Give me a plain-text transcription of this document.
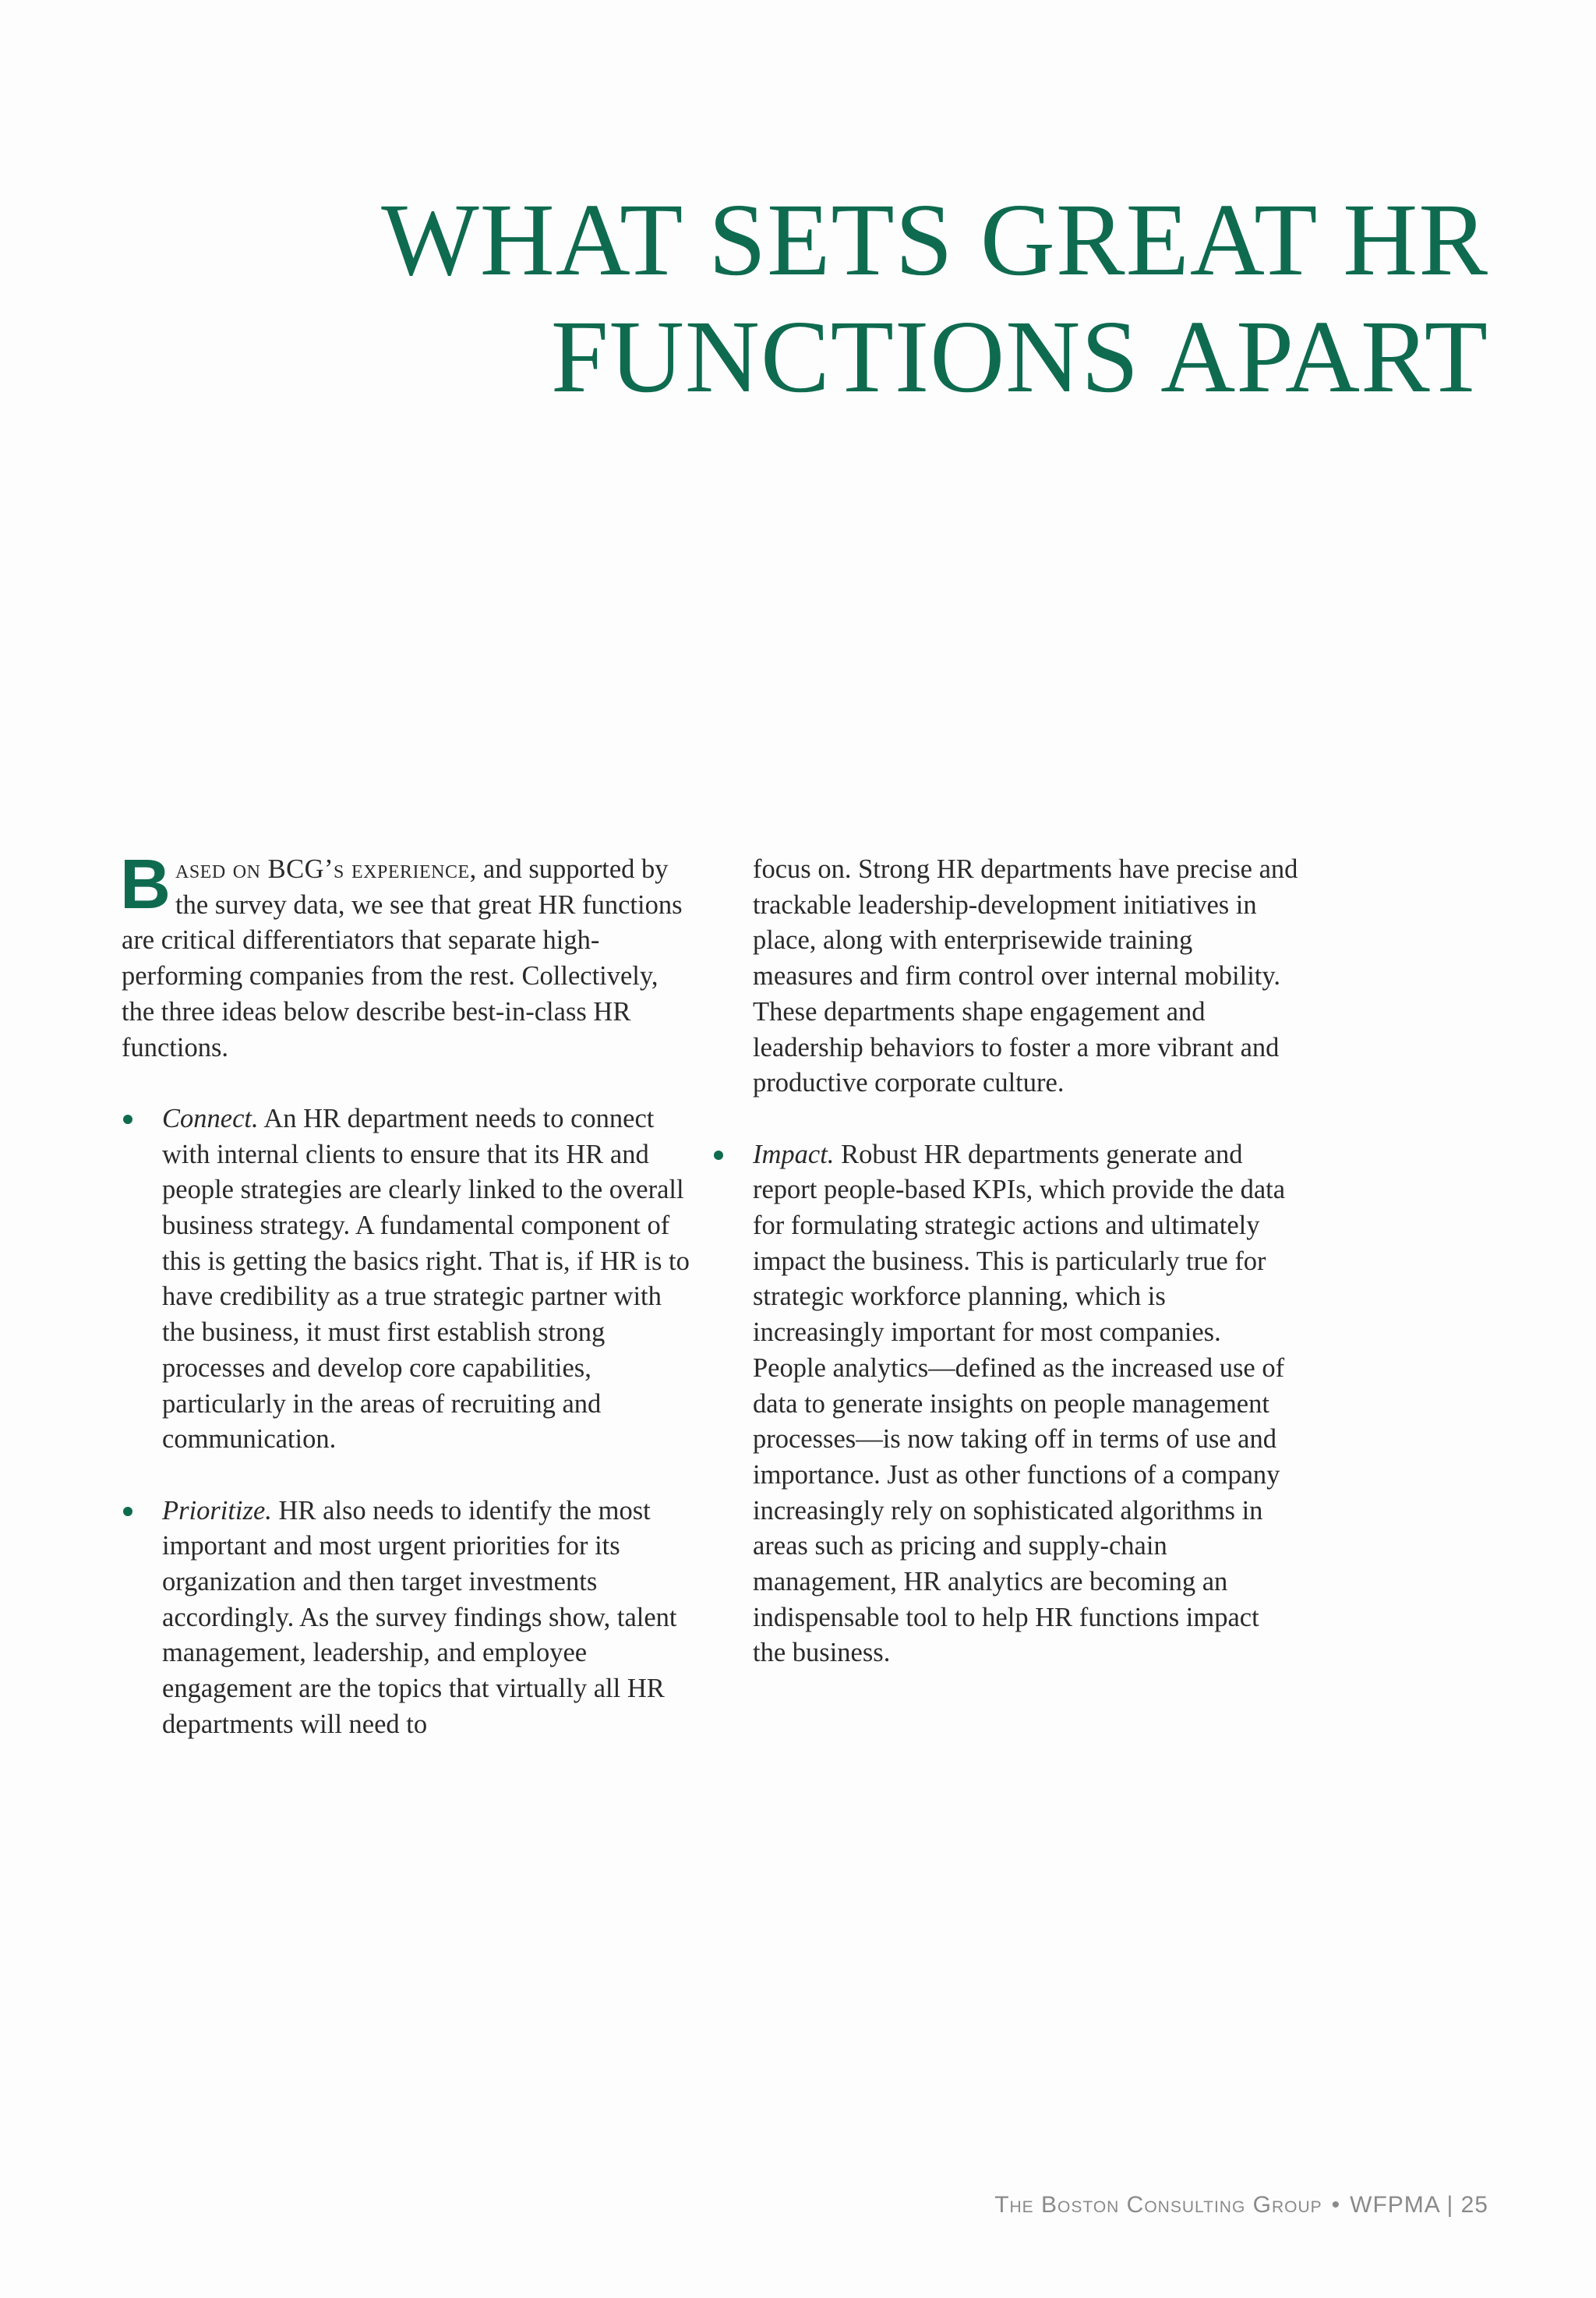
WHAT SETS GREAT HR
FUNCTIONS APART

Based on BCG’s experience, and supported by the survey data, we see that great HR functions are critical differentiators that separate high-performing companies from the rest. Collectively, the three ideas below describe best-in-class HR functions.

Connect. An HR department needs to connect with internal clients to ensure that its HR and people strategies are clearly linked to the overall business strategy. A fundamental component of this is getting the basics right. That is, if HR is to have credibility as a true strategic partner with the business, it must first establish strong processes and develop core capabilities, particularly in the areas of recruiting and communication.
Prioritize. HR also needs to identify the most important and most urgent priorities for its organization and then target investments accordingly. As the survey findings show, talent management, leadership, and employee engagement are the topics that virtually all HR departments will need to

focus on. Strong HR departments have precise and trackable leadership-development initiatives in place, along with enterprisewide training measures and firm control over internal mobility. These departments shape engagement and leadership behaviors to foster a more vibrant and productive corporate culture.

Impact. Robust HR departments generate and report people-based KPIs, which provide the data for formulating strategic actions and ultimately impact the business. This is particularly true for strategic workforce planning, which is increasingly important for most companies. People analytics—defined as the increased use of data to generate insights on people management processes—is now taking off in terms of use and importance. Just as other functions of a company increasingly rely on sophisticated algorithms in areas such as pricing and supply-chain management, HR analytics are becoming an indispensable tool to help HR functions impact the business.
The Boston Consulting Group • WFPMA | 25
